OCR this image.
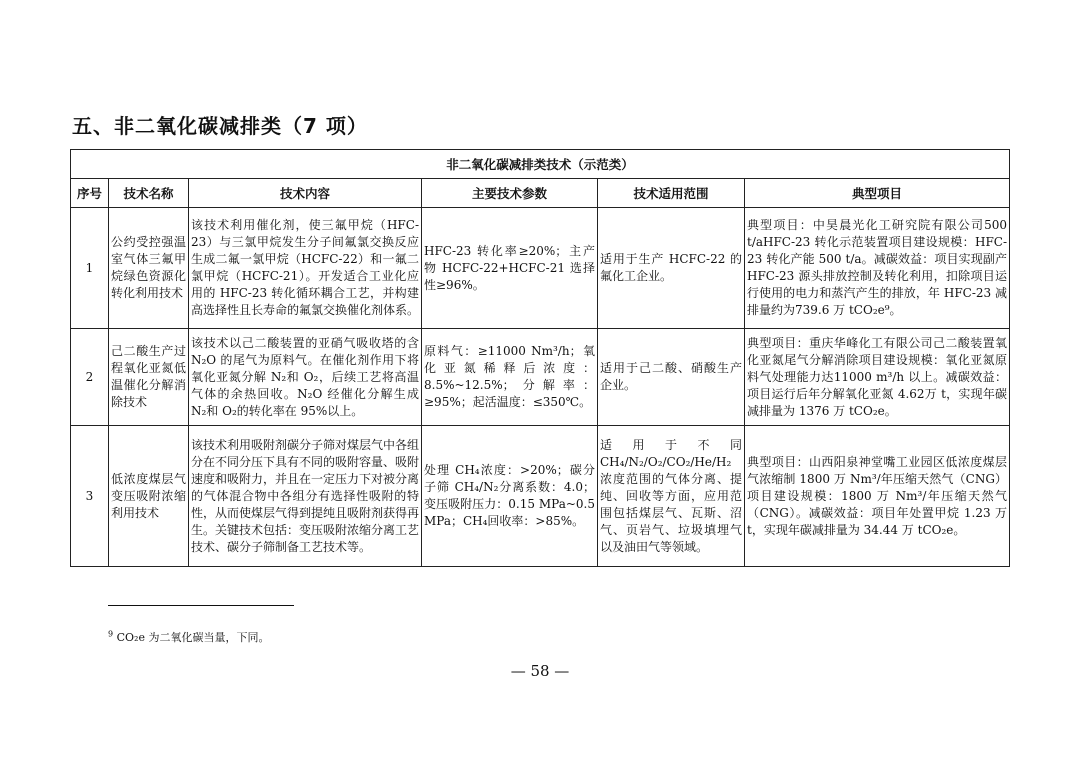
五、非二氧化碳减排类（7 项）
非二氧化碳减排类技术（示范类）					
序号	技术名称	技术内容	主要技术参数	技术适用范围	典型项目
1	公约受控强温室气体三氟甲烷绿色资源化转化利用技术	该技术利用催化剂，使三氟甲烷（HFC-23）与三氯甲烷发生分子间氟氯交换反应生成二氟一氯甲烷（HCFC-22）和一氟二氯甲烷（HCFC-21）。开发适合工业化应用的 HFC-23 转化循环耦合工艺，并构建高选择性且长寿命的氟氯交换催化剂体系。	HFC-23 转化率≥20%；主产物 HCFC-22+HCFC-21 选择性≥96%。	适用于生产 HCFC-22 的氟化工企业。	典型项目：中昊晨光化工研究院有限公司500 t/aHFC-23 转化示范装置项目建设规模：HFC-23 转化产能 500 t/a。减碳效益：项目实现副产 HFC-23 源头排放控制及转化利用，扣除项目运行使用的电力和蒸汽产生的排放，年 HFC-23 减排量约为739.6 万 tCO₂e⁹。
2	己二酸生产过程氧化亚氮低温催化分解消除技术	该技术以己二酸装置的亚硝气吸收塔的含 N₂O 的尾气为原料气。在催化剂作用下将氧化亚氮分解 N₂和 O₂，后续工艺将高温气体的余热回收。N₂O 经催化分解生成 N₂和 O₂的转化率在 95%以上。	原料气：≥11000 Nm³/h；氧化亚氮稀释后浓度：8.5%~12.5%；分解率：≥95%；起活温度：≤350℃。	适用于己二酸、硝酸生产企业。	典型项目：重庆华峰化工有限公司己二酸装置氧化亚氮尾气分解消除项目建设规模：氧化亚氮原料气处理能力达11000 m³/h 以上。减碳效益：项目运行后年分解氧化亚氮 4.62万 t，实现年碳减排量为 1376 万 tCO₂e。
3	低浓度煤层气变压吸附浓缩利用技术	该技术利用吸附剂碳分子筛对煤层气中各组分在不同分压下具有不同的吸附容量、吸附速度和吸附力，并且在一定压力下对被分离的气体混合物中各组分有选择性吸附的特性，从而使煤层气得到提纯且吸附剂获得再生。关键技术包括：变压吸附浓缩分离工艺技术、碳分子筛制备工艺技术等。	处理 CH₄浓度：>20%；碳分子筛 CH₄/N₂分离系数：4.0；变压吸附压力：0.15 MPa~0.5 MPa；CH₄回收率：>85%。	适用于不同CH₄/N₂/O₂/CO₂/He/H₂浓度范围的气体分离、提纯、回收等方面，应用范围包括煤层气、瓦斯、沼气、页岩气、垃圾填埋气以及油田气等领域。	典型项目：山西阳泉神堂嘴工业园区低浓度煤层气浓缩制 1800 万 Nm³/年压缩天然气（CNG）项目建设规模：1800 万 Nm³/年压缩天然气（CNG）。减碳效益：项目年处置甲烷 1.23 万 t，实现年碳减排量为 34.44 万 tCO₂e。
$^9$ CO₂e 为二氧化碳当量，下同。
— 58 —
